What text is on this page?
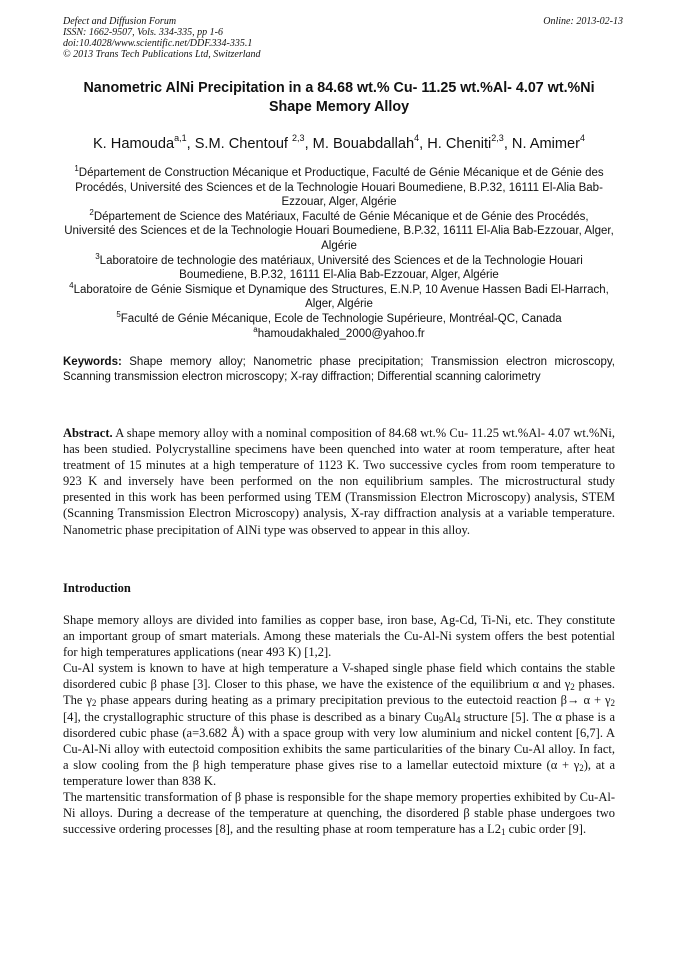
Defect and Diffusion Forum
ISSN: 1662-9507, Vols. 334-335, pp 1-6
doi:10.4028/www.scientific.net/DDF.334-335.1
© 2013 Trans Tech Publications Ltd, Switzerland
Online: 2013-02-13
Nanometric AlNi Precipitation in a 84.68 wt.% Cu- 11.25 wt.%Al- 4.07 wt.%Ni Shape Memory Alloy
K. Hamouda$^{a,1}$, S.M. Chentouf $^{2,3}$, M. Bouabdallah$^4$, H. Cheniti$^{2,3}$, N. Amimer$^4$

$^1$Département de Construction Mécanique et Productique, Faculté de Génie Mécanique et de Génie des Procédés, Université des Sciences et de la Technologie Houari Boumediene, B.P.32, 16111 El-Alia Bab-Ezzouar, Alger, Algérie

$^2$Département de Science des Matériaux, Faculté de Génie Mécanique et de Génie des Procédés, Université des Sciences et de la Technologie Houari Boumediene, B.P.32, 16111 El-Alia Bab-Ezzouar, Alger, Algérie

$^3$Laboratoire de technologie des matériaux, Université des Sciences et de la Technologie Houari Boumediene, B.P.32, 16111 El-Alia Bab-Ezzouar, Alger, Algérie

$^4$Laboratoire de Génie Sismique et Dynamique des Structures, E.N.P, 10 Avenue Hassen Badi El-Harrach, Alger, Algérie

$^5$Faculté de Génie Mécanique, Ecole de Technologie Supérieure, Montréal-QC, Canada

$^a$hamoudakhaled_2000@yahoo.fr

Keywords: Shape memory alloy; Nanometric phase precipitation; Transmission electron microscopy, Scanning transmission electron microscopy; X-ray diffraction; Differential scanning calorimetry

Abstract. A shape memory alloy with a nominal composition of 84.68 wt.% Cu- 11.25 wt.%Al- 4.07 wt.%Ni, has been studied. Polycrystalline specimens have been quenched into water at room temperature, after heat treatment of 15 minutes at a high temperature of 1123 K. Two successive cycles from room temperature to 923 K and inversely have been performed on the non equilibrium samples. The microstructural study presented in this work has been performed using TEM (Transmission Electron Microscopy) analysis, STEM (Scanning Transmission Electron Microscopy) analysis, X-ray diffraction analysis at a variable temperature. Nanometric phase precipitation of AlNi type was observed to appear in this alloy.

Introduction

Shape memory alloys are divided into families as copper base, iron base, Ag-Cd, Ti-Ni, etc. They constitute an important group of smart materials. Among these materials the Cu-Al-Ni system offers the best potential for high temperatures applications (near 493 K) [1,2].

Cu-Al system is known to have at high temperature a V-shaped single phase field which contains the stable disordered cubic β phase [3]. Closer to this phase, we have the existence of the equilibrium α and $\gamma_2$ phases. The $\gamma_2$ phase appears during heating as a primary precipitation previous to the eutectoid reaction $\beta\to \alpha + \gamma_2$ [4], the crystallographic structure of this phase is described as a binary $Cu_9Al_4$ structure [5]. The α phase is a disordered cubic phase (a=3.682 Å) with a space group with very low aluminium and nickel content [6,7]. A Cu-Al-Ni alloy with eutectoid composition exhibits the same particularities of the binary Cu-Al alloy. In fact, a slow cooling from the β high temperature phase gives rise to a lamellar eutectoid mixture $(\alpha + \gamma_2)$, at a temperature lower than 838 K.

The martensitic transformation of β phase is responsible for the shape memory properties exhibited by Cu-Al-Ni alloys. During a decrease of the temperature at quenching, the disordered β stable phase undergoes two successive ordering processes [8], and the resulting phase at room temperature has a $L2_1$ cubic order [9].
